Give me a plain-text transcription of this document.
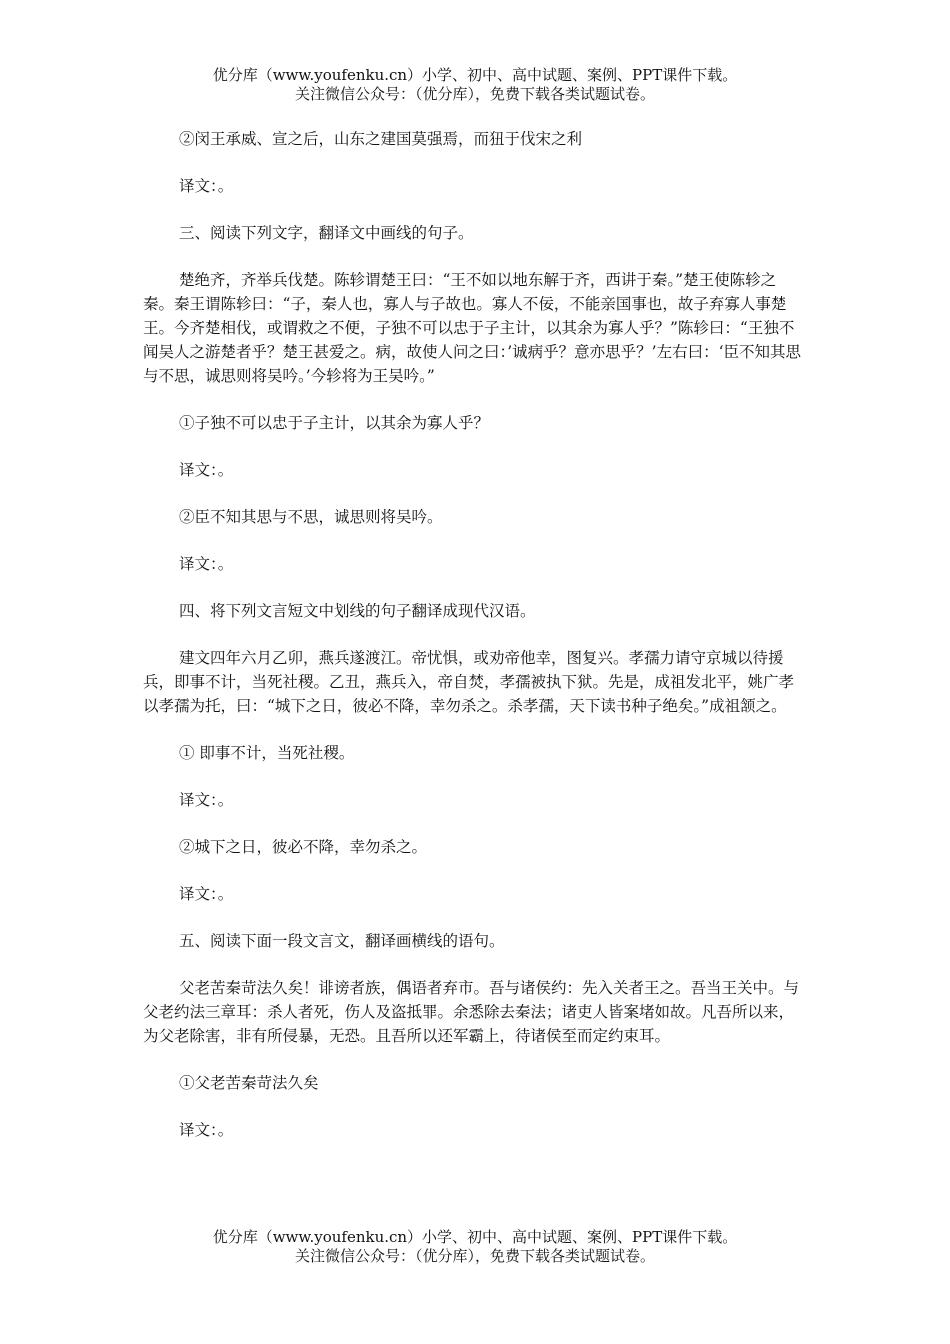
优分库（www.youfenku.cn）小学、初中、高中试题、案例、PPT课件下载。
关注微信公众号：（优分库），免费下载各类试题试卷。

②闵王承威、宣之后，山东之建国莫强焉，而狃于伐宋之利

译文：。

三、阅读下列文字，翻译文中画线的句子。

楚绝齐，齐举兵伐楚。陈轸谓楚王曰：“王不如以地东解于齐，西讲于秦。”楚王使陈轸之秦。秦王谓陈轸曰：“子，秦人也，寡人与子故也。寡人不佞，不能亲国事也，故子弃寡人事楚王。今齐楚相伐，或谓救之不便，子独不可以忠于子主计，以其余为寡人乎？”陈轸曰：“王独不闻吴人之游楚者乎？楚王甚爱之。病，故使人问之曰：’诚病乎？意亦思乎？’左右曰：‘臣不知其思与不思，诚思则将吴吟。’今轸将为王吴吟。”

①子独不可以忠于子主计，以其余为寡人乎？

译文：。

②臣不知其思与不思，诚思则将吴吟。

译文：。

四、将下列文言短文中划线的句子翻译成现代汉语。

建文四年六月乙卯，燕兵遂渡江。帝忧惧，或劝帝他幸，图复兴。孝孺力请守京城以待援兵，即事不计，当死社稷。乙丑，燕兵入，帝自焚，孝孺被执下狱。先是，成祖发北平，姚广孝以孝孺为托，曰：“城下之日，彼必不降，幸勿杀之。杀孝孺，天下读书种子绝矣。”成祖颔之。

① 即事不计，当死社稷。

译文：。

②城下之日，彼必不降，幸勿杀之。

译文：。

五、阅读下面一段文言文，翻译画横线的语句。

父老苦秦苛法久矣！诽谤者族，偶语者弃市。吾与诸侯约：先入关者王之。吾当王关中。与父老约法三章耳：杀人者死，伤人及盗抵罪。余悉除去秦法；诸吏人皆案堵如故。凡吾所以来，为父老除害，非有所侵暴，无恐。且吾所以还军霸上，待诸侯至而定约束耳。

①父老苦秦苛法久矣

译文：。

优分库（www.youfenku.cn）小学、初中、高中试题、案例、PPT课件下载。
关注微信公众号：（优分库），免费下载各类试题试卷。
